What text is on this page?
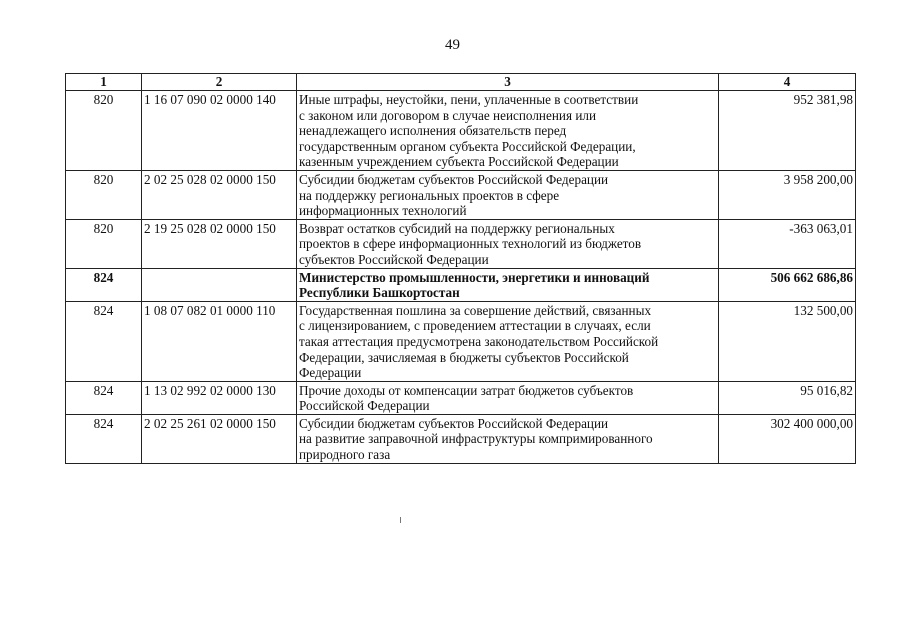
49
1	2	3	4
820	1 16 07 090 02 0000 140	Иные штрафы, неустойки, пени, уплаченные в соответствии
с законом или договором в случае неисполнения или
ненадлежащего исполнения обязательств перед
государственным органом субъекта Российской Федерации,
казенным учреждением субъекта Российской Федерации	952 381,98
820	2 02 25 028 02 0000 150	Субсидии бюджетам субъектов Российской Федерации
на поддержку региональных проектов в сфере
информационных технологий	3 958 200,00
820	2 19 25 028 02 0000 150	Возврат остатков субсидий на поддержку региональных
проектов в сфере информационных технологий из бюджетов
субъектов Российской Федерации	-363 063,01
824		Министерство промышленности, энергетики и инноваций
Республики Башкортостан	506 662 686,86
824	1 08 07 082 01 0000 110	Государственная пошлина за совершение действий, связанных
с лицензированием, с проведением аттестации в случаях, если
такая аттестация предусмотрена законодательством Российской
Федерации, зачисляемая в бюджеты субъектов Российской
Федерации	132 500,00
824	1 13 02 992 02 0000 130	Прочие доходы от компенсации затрат бюджетов субъектов
Российской Федерации	95 016,82
824	2 02 25 261 02 0000 150	Субсидии бюджетам субъектов Российской Федерации
на развитие заправочной инфраструктуры компримированного
природного газа	302 400 000,00
